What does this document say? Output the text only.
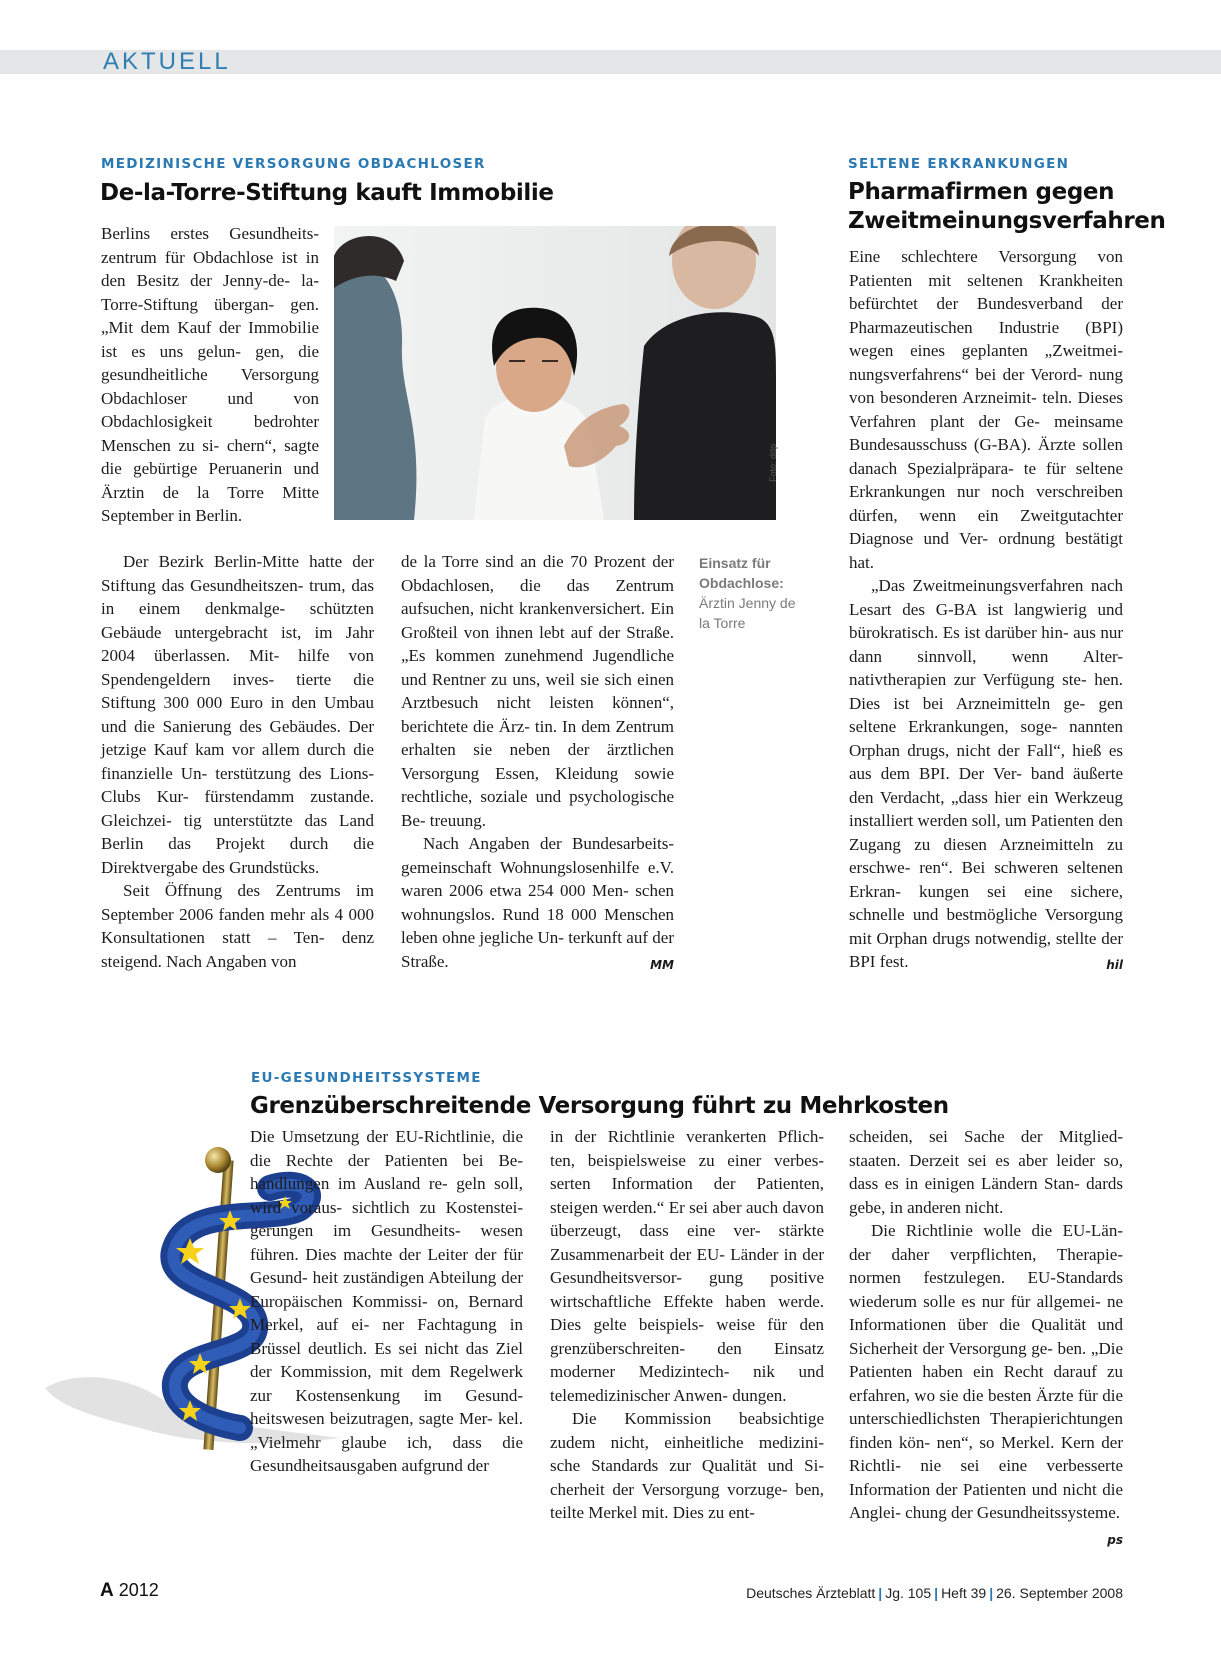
AKTUELL
MEDIZINISCHE VERSORGUNG OBDACHLOSER
De-la-Torre-Stiftung kauft Immobilie

Berlins erstes Gesundheits- zentrum für Obdachlose ist in den Besitz der Jenny-de- la-Torre-Stiftung übergan- gen. „Mit dem Kauf der Immobilie ist es uns gelun- gen, die gesundheitliche Versorgung Obdachloser und von Obdachlosigkeit bedrohter Menschen zu si- chern“, sagte die gebürtige Peruanerin und Ärztin de la Torre Mitte September in Berlin.

Foto: ddp

Der Bezirk Berlin-Mitte hatte der Stiftung das Gesundheitszen- trum, das in einem denkmalge- schützten Gebäude untergebracht ist, im Jahr 2004 überlassen. Mit- hilfe von Spendengeldern inves- tierte die Stiftung 300 000 Euro in den Umbau und die Sanierung des Gebäudes. Der jetzige Kauf kam vor allem durch die finanzielle Un- terstützung des Lions-Clubs Kur- fürstendamm zustande. Gleichzei- tig unterstützte das Land Berlin das Projekt durch die Direktvergabe des Grundstücks.

Seit Öffnung des Zentrums im September 2006 fanden mehr als 4 000 Konsultationen statt – Ten- denz steigend. Nach Angaben von

de la Torre sind an die 70 Prozent der Obdachlosen, die das Zentrum aufsuchen, nicht krankenversichert. Ein Großteil von ihnen lebt auf der Straße. „Es kommen zunehmend Jugendliche und Rentner zu uns, weil sie sich einen Arztbesuch nicht leisten können“, berichtete die Ärz- tin. In dem Zentrum erhalten sie neben der ärztlichen Versorgung Essen, Kleidung sowie rechtliche, soziale und psychologische Be- treuung.

Nach Angaben der Bundesarbeits- gemeinschaft Wohnungslosenhilfe e.V. waren 2006 etwa 254 000 Men- schen wohnungslos. Rund 18 000 Menschen leben ohne jegliche Un- terkunft auf der Straße.	MM

Einsatz für Obdachlose:
Ärztin Jenny de la Torre
SELTENE ERKRANKUNGEN
Pharmafirmen gegen
Zweitmeinungsverfahren

Eine schlechtere Versorgung von Patienten mit seltenen Krankheiten befürchtet der Bundesverband der Pharmazeutischen Industrie (BPI) wegen eines geplanten „Zweitmei- nungsverfahrens“ bei der Verord- nung von besonderen Arzneimit- teln. Dieses Verfahren plant der Ge- meinsame Bundesausschuss (G-BA). Ärzte sollen danach Spezialpräpara- te für seltene Erkrankungen nur noch verschreiben dürfen, wenn ein Zweitgutachter Diagnose und Ver- ordnung bestätigt hat.

„Das Zweitmeinungsverfahren nach Lesart des G-BA ist langwierig und bürokratisch. Es ist darüber hin- aus nur dann sinnvoll, wenn Alter- nativtherapien zur Verfügung ste- hen. Dies ist bei Arzneimitteln ge- gen seltene Erkrankungen, soge- nannten Orphan drugs, nicht der Fall“, hieß es aus dem BPI. Der Ver- band äußerte den Verdacht, „dass hier ein Werkzeug installiert werden soll, um Patienten den Zugang zu diesen Arzneimitteln zu erschwe- ren“. Bei schweren seltenen Erkran- kungen sei eine sichere, schnelle und bestmögliche Versorgung mit Orphan drugs notwendig, stellte der BPI fest.	hil

EU-GESUNDHEITSSYSTEME
Grenzüberschreitende Versorgung führt zu Mehrkosten

Die Umsetzung der EU-Richtlinie, die die Rechte der Patienten bei Be- handlungen im Ausland re- geln soll, wird voraus- sichtlich zu Kostenstei- gerungen im Gesundheits- wesen führen. Dies machte der Leiter der für Gesund- heit zuständigen Abteilung der Europäischen Kommissi- on, Bernard Merkel, auf ei- ner Fachtagung in Brüssel deutlich. Es sei nicht das Ziel der Kommission, mit dem Regelwerk zur Kostensenkung im Gesund- heitswesen beizutragen, sagte Mer- kel. „Vielmehr glaube ich, dass die Gesundheitsausgaben aufgrund der

in der Richtlinie verankerten Pflich- ten, beispielsweise zu einer verbes- serten Information der Patienten, steigen werden.“ Er sei aber auch davon überzeugt, dass eine ver- stärkte Zusammenarbeit der EU- Länder in der Gesundheitsversor- gung positive wirtschaftliche Effekte haben werde. Dies gelte beispiels- weise für den grenzüberschreiten- den Einsatz moderner Medizintech- nik und telemedizinischer Anwen- dungen.

Die Kommission beabsichtige zudem nicht, einheitliche medizini- sche Standards zur Qualität und Si- cherheit der Versorgung vorzuge- ben, teilte Merkel mit. Dies zu ent-

scheiden, sei Sache der Mitglied- staaten. Derzeit sei es aber leider so, dass es in einigen Ländern Stan- dards gebe, in anderen nicht.

Die Richtlinie wolle die EU-Län- der daher verpflichten, Therapie- normen festzulegen. EU-Standards wiederum solle es nur für allgemei- ne Informationen über die Qualität und Sicherheit der Versorgung ge- ben. „Die Patienten haben ein Recht darauf zu erfahren, wo sie die besten Ärzte für die unterschiedlichsten Therapierichtungen finden kön- nen“, so Merkel. Kern der Richtli- nie sei eine verbesserte Information der Patienten und nicht die Anglei- chung der Gesundheitssysteme.
ps

A 2012	Deutsches Ärzteblatt | Jg. 105 | Heft 39 | 26. September 2008
